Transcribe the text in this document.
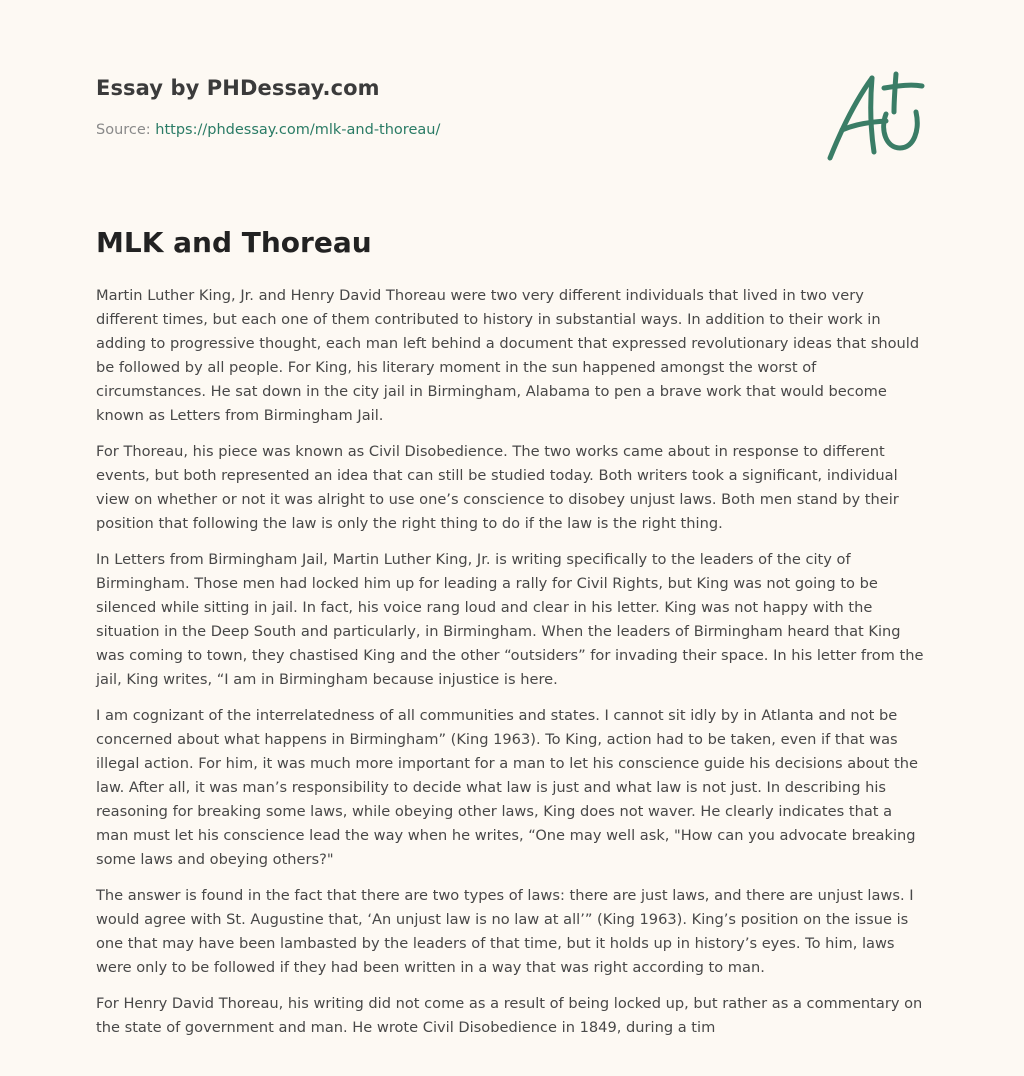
Essay by PHDessay.com
Source: https://phdessay.com/mlk-and-thoreau/
MLK and Thoreau

Martin Luther King, Jr. and Henry David Thoreau were two very different individuals that lived in two very different times, but each one of them contributed to history in substantial ways. In addition to their work in adding to progressive thought, each man left behind a document that expressed revolutionary ideas that should be followed by all people. For King, his literary moment in the sun happened amongst the worst of circumstances. He sat down in the city jail in Birmingham, Alabama to pen a brave work that would become known as Letters from Birmingham Jail.

For Thoreau, his piece was known as Civil Disobedience. The two works came about in response to different events, but both represented an idea that can still be studied today. Both writers took a significant, individual view on whether or not it was alright to use one’s conscience to disobey unjust laws. Both men stand by their position that following the law is only the right thing to do if the law is the right thing.

In Letters from Birmingham Jail, Martin Luther King, Jr. is writing specifically to the leaders of the city of Birmingham. Those men had locked him up for leading a rally for Civil Rights, but King was not going to be silenced while sitting in jail. In fact, his voice rang loud and clear in his letter. King was not happy with the situation in the Deep South and particularly, in Birmingham. When the leaders of Birmingham heard that King was coming to town, they chastised King and the other “outsiders” for invading their space. In his letter from the jail, King writes, “I am in Birmingham because injustice is here.

I am cognizant of the interrelatedness of all communities and states. I cannot sit idly by in Atlanta and not be concerned about what happens in Birmingham” (King 1963). To King, action had to be taken, even if that was illegal action. For him, it was much more important for a man to let his conscience guide his decisions about the law. After all, it was man’s responsibility to decide what law is just and what law is not just. In describing his reasoning for breaking some laws, while obeying other laws, King does not waver. He clearly indicates that a man must let his conscience lead the way when he writes, “One may well ask, "How can you advocate breaking some laws and obeying others?"

The answer is found in the fact that there are two types of laws: there are just laws, and there are unjust laws. I would agree with St. Augustine that, ‘An unjust law is no law at all’” (King 1963). King’s position on the issue is one that may have been lambasted by the leaders of that time, but it holds up in history’s eyes. To him, laws were only to be followed if they had been written in a way that was right according to man.

For Henry David Thoreau, his writing did not come as a result of being locked up, but rather as a commentary on the state of government and man. He wrote Civil Disobedience in 1849, during a tim
